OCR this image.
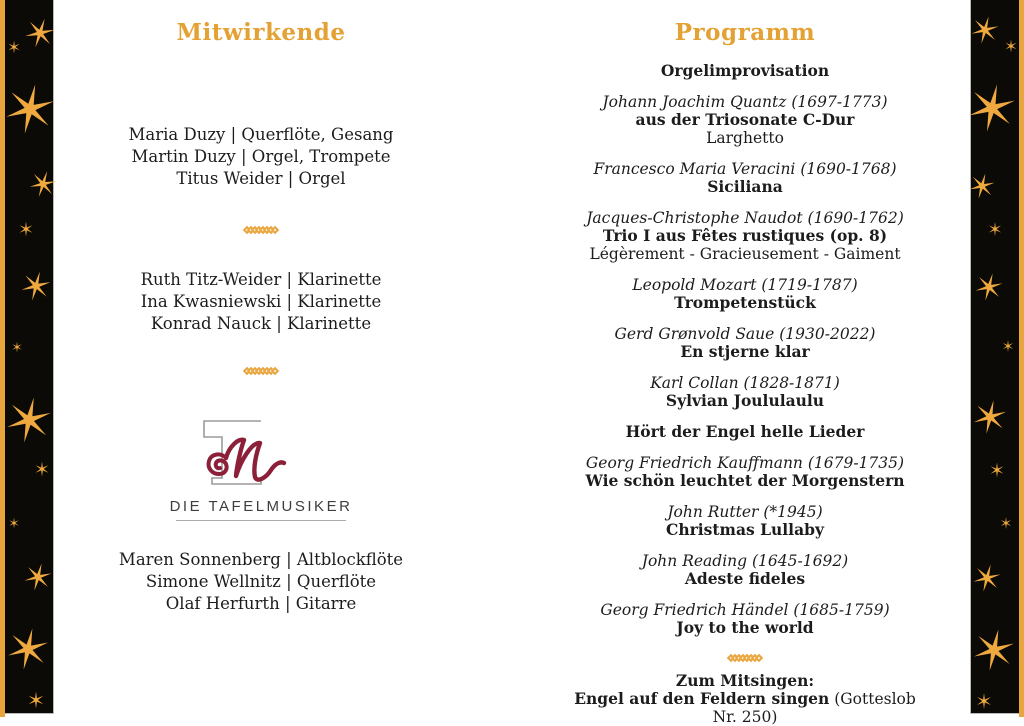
Mitwirkende
Maria Duzy | Querflöte, Gesang
Martin Duzy | Orgel, Trompete
Titus Weider | Orgel
Ruth Titz-Weider | Klarinette
Ina Kwasniewski | Klarinette
Konrad Nauck | Klarinette
DIE TAFELMUSIKER
Maren Sonnenberg | Altblockflöte
Simone Wellnitz | Querflöte
Olaf Herfurth | Gitarre
Programm
Orgelimprovisation
Johann Joachim Quantz (1697-1773)
aus der Triosonate C-Dur
Larghetto
Francesco Maria Veracini (1690-1768)
Siciliana
Jacques-Christophe Naudot (1690-1762)
Trio I aus Fêtes rustiques (op. 8)
Légèrement - Gracieusement - Gaiment
Leopold Mozart (1719-1787)
Trompetenstück
Gerd Grønvold Saue (1930-2022)
En stjerne klar
Karl Collan (1828-1871)
Sylvian Joululaulu
Hört der Engel helle Lieder
Georg Friedrich Kauffmann (1679-1735)
Wie schön leuchtet der Morgenstern
John Rutter (*1945)
Christmas Lullaby
John Reading (1645-1692)
Adeste fideles
Georg Friedrich Händel (1685-1759)
Joy to the world
Zum Mitsingen:
Engel auf den Feldern singen (Gotteslob Nr. 250)
